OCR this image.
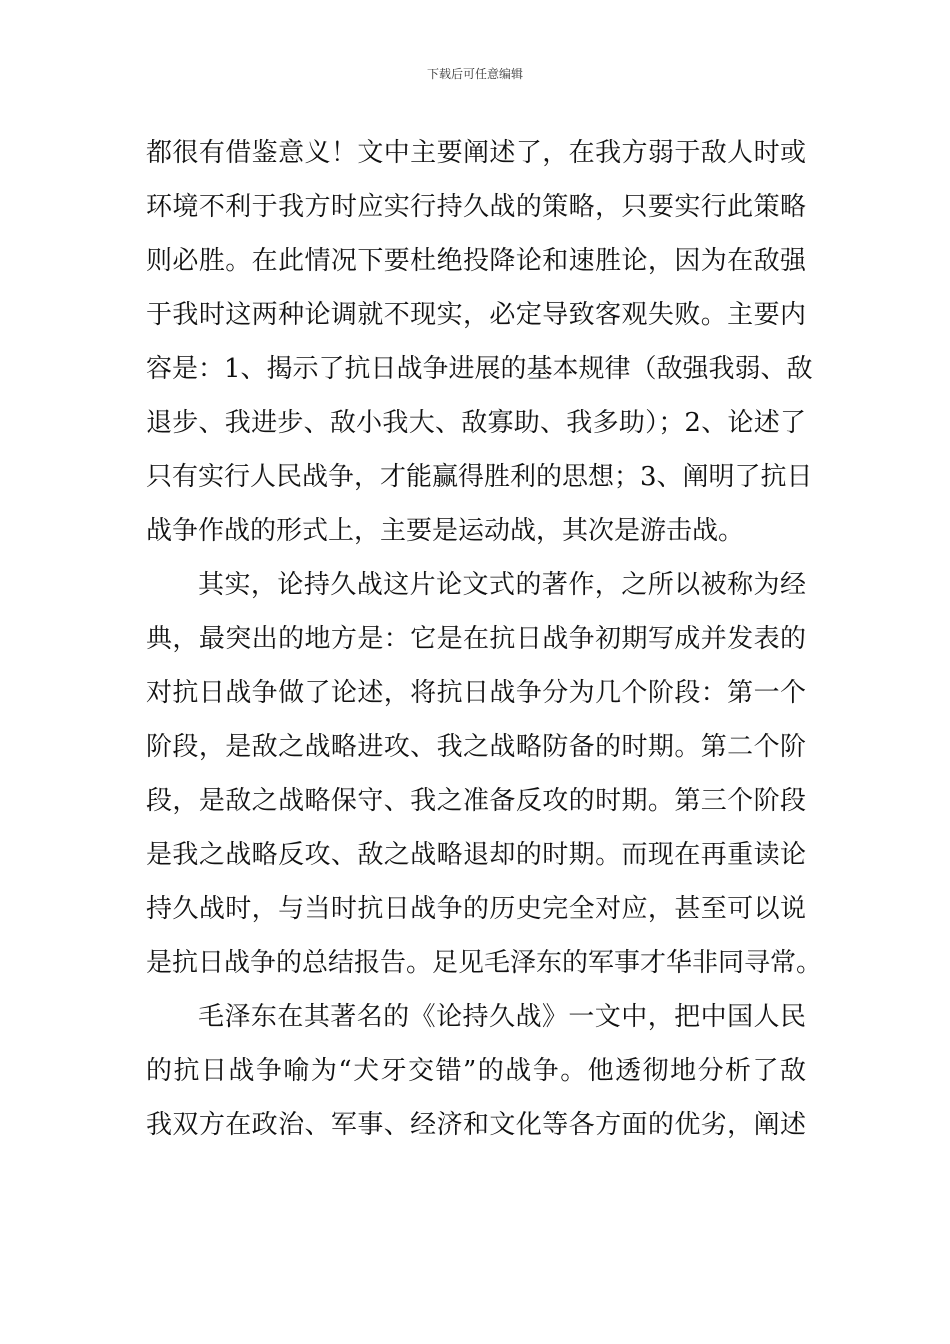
下载后可任意编辑
都很有借鉴意义！文中主要阐述了，在我方弱于敌人时或
环境不利于我方时应实行持久战的策略，只要实行此策略
则必胜。在此情况下要杜绝投降论和速胜论，因为在敌强
于我时这两种论调就不现实，必定导致客观失败。主要内
容是：1、揭示了抗日战争进展的基本规律（敌强我弱、敌
退步、我进步、敌小我大、敌寡助、我多助）；2、论述了
只有实行人民战争，才能赢得胜利的思想；3、阐明了抗日
战争作战的形式上，主要是运动战，其次是游击战。
其实，论持久战这片论文式的著作，之所以被称为经
典，最突出的地方是：它是在抗日战争初期写成并发表的
对抗日战争做了论述，将抗日战争分为几个阶段：第一个
阶段，是敌之战略进攻、我之战略防备的时期。第二个阶
段，是敌之战略保守、我之准备反攻的时期。第三个阶段
是我之战略反攻、敌之战略退却的时期。而现在再重读论
持久战时，与当时抗日战争的历史完全对应，甚至可以说
是抗日战争的总结报告。足见毛泽东的军事才华非同寻常。
毛泽东在其著名的《论持久战》一文中，把中国人民
的抗日战争喻为“犬牙交错”的战争。他透彻地分析了敌
我双方在政治、军事、经济和文化等各方面的优劣，阐述
